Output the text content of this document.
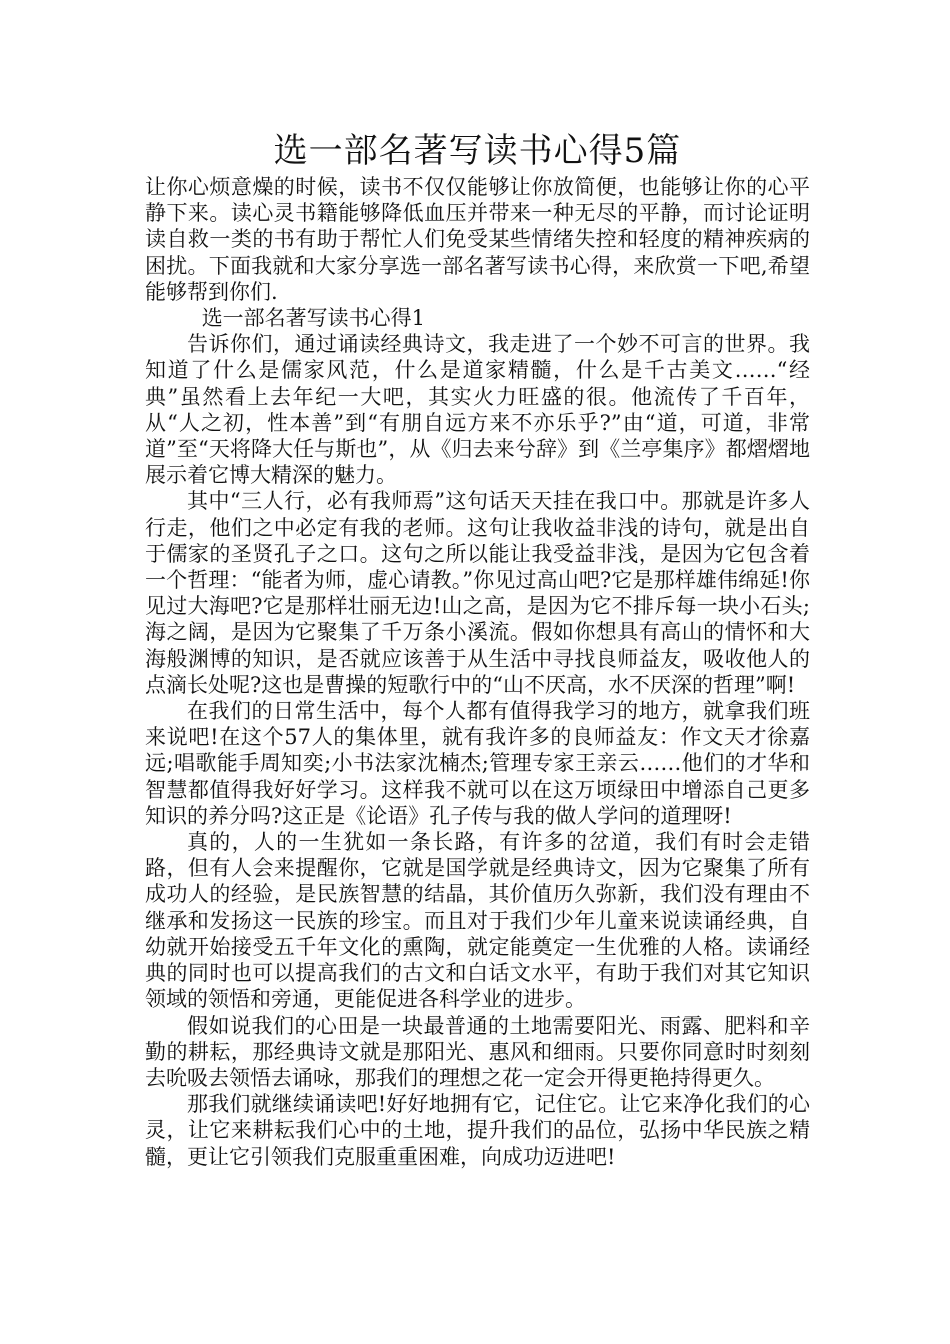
选一部名著写读书心得5篇

让你心烦意燥的时候，读书不仅仅能够让你放简便，也能够让你的心平静下来。读心灵书籍能够降低血压并带来一种无尽的平静，而讨论证明读自救一类的书有助于帮忙人们免受某些情绪失控和轻度的精神疾病的困扰。下面我就和大家分享选一部名著写读书心得，来欣赏一下吧,希望能够帮到你们.

选一部名著写读书心得1

告诉你们，通过诵读经典诗文，我走进了一个妙不可言的世界。我知道了什么是儒家风范，什么是道家精髓，什么是千古美文……“经典”虽然看上去年纪一大吧，其实火力旺盛的很。他流传了千百年，从“人之初，性本善”到“有朋自远方来不亦乐乎?”由“道，可道，非常道”至“天将降大任与斯也”，从《归去来兮辞》到《兰亭集序》都熠熠地展示着它博大精深的魅力。

其中“三人行，必有我师焉”这句话天天挂在我口中。那就是许多人行走，他们之中必定有我的老师。这句让我收益非浅的诗句，就是出自于儒家的圣贤孔子之口。这句之所以能让我受益非浅，是因为它包含着一个哲理：“能者为师，虚心请教。”你见过高山吧?它是那样雄伟绵延!你见过大海吧?它是那样壮丽无边!山之高，是因为它不排斥每一块小石头;海之阔，是因为它聚集了千万条小溪流。假如你想具有高山的情怀和大海般渊博的知识，是否就应该善于从生活中寻找良师益友，吸收他人的点滴长处呢?这也是曹操的短歌行中的“山不厌高，水不厌深的哲理”啊!

在我们的日常生活中，每个人都有值得我学习的地方，就拿我们班来说吧!在这个57人的集体里，就有我许多的良师益友：作文天才徐嘉远;唱歌能手周知奕;小书法家沈楠杰;管理专家王亲云……他们的才华和智慧都值得我好好学习。这样我不就可以在这万顷绿田中增添自己更多知识的养分吗?这正是《论语》孔子传与我的做人学问的道理呀!

真的，人的一生犹如一条长路，有许多的岔道，我们有时会走错路，但有人会来提醒你，它就是国学就是经典诗文，因为它聚集了所有成功人的经验，是民族智慧的结晶，其价值历久弥新，我们没有理由不继承和发扬这一民族的珍宝。而且对于我们少年儿童来说读诵经典，自幼就开始接受五千年文化的熏陶，就定能奠定一生优雅的人格。读诵经典的同时也可以提高我们的古文和白话文水平，有助于我们对其它知识领域的领悟和旁通，更能促进各科学业的进步。

假如说我们的心田是一块最普通的土地需要阳光、雨露、肥料和辛勤的耕耘，那经典诗文就是那阳光、惠风和细雨。只要你同意时时刻刻去吮吸去领悟去诵咏，那我们的理想之花一定会开得更艳持得更久。

那我们就继续诵读吧!好好地拥有它，记住它。让它来净化我们的心灵，让它来耕耘我们心中的土地，提升我们的品位，弘扬中华民族之精髓，更让它引领我们克服重重困难，向成功迈进吧!
